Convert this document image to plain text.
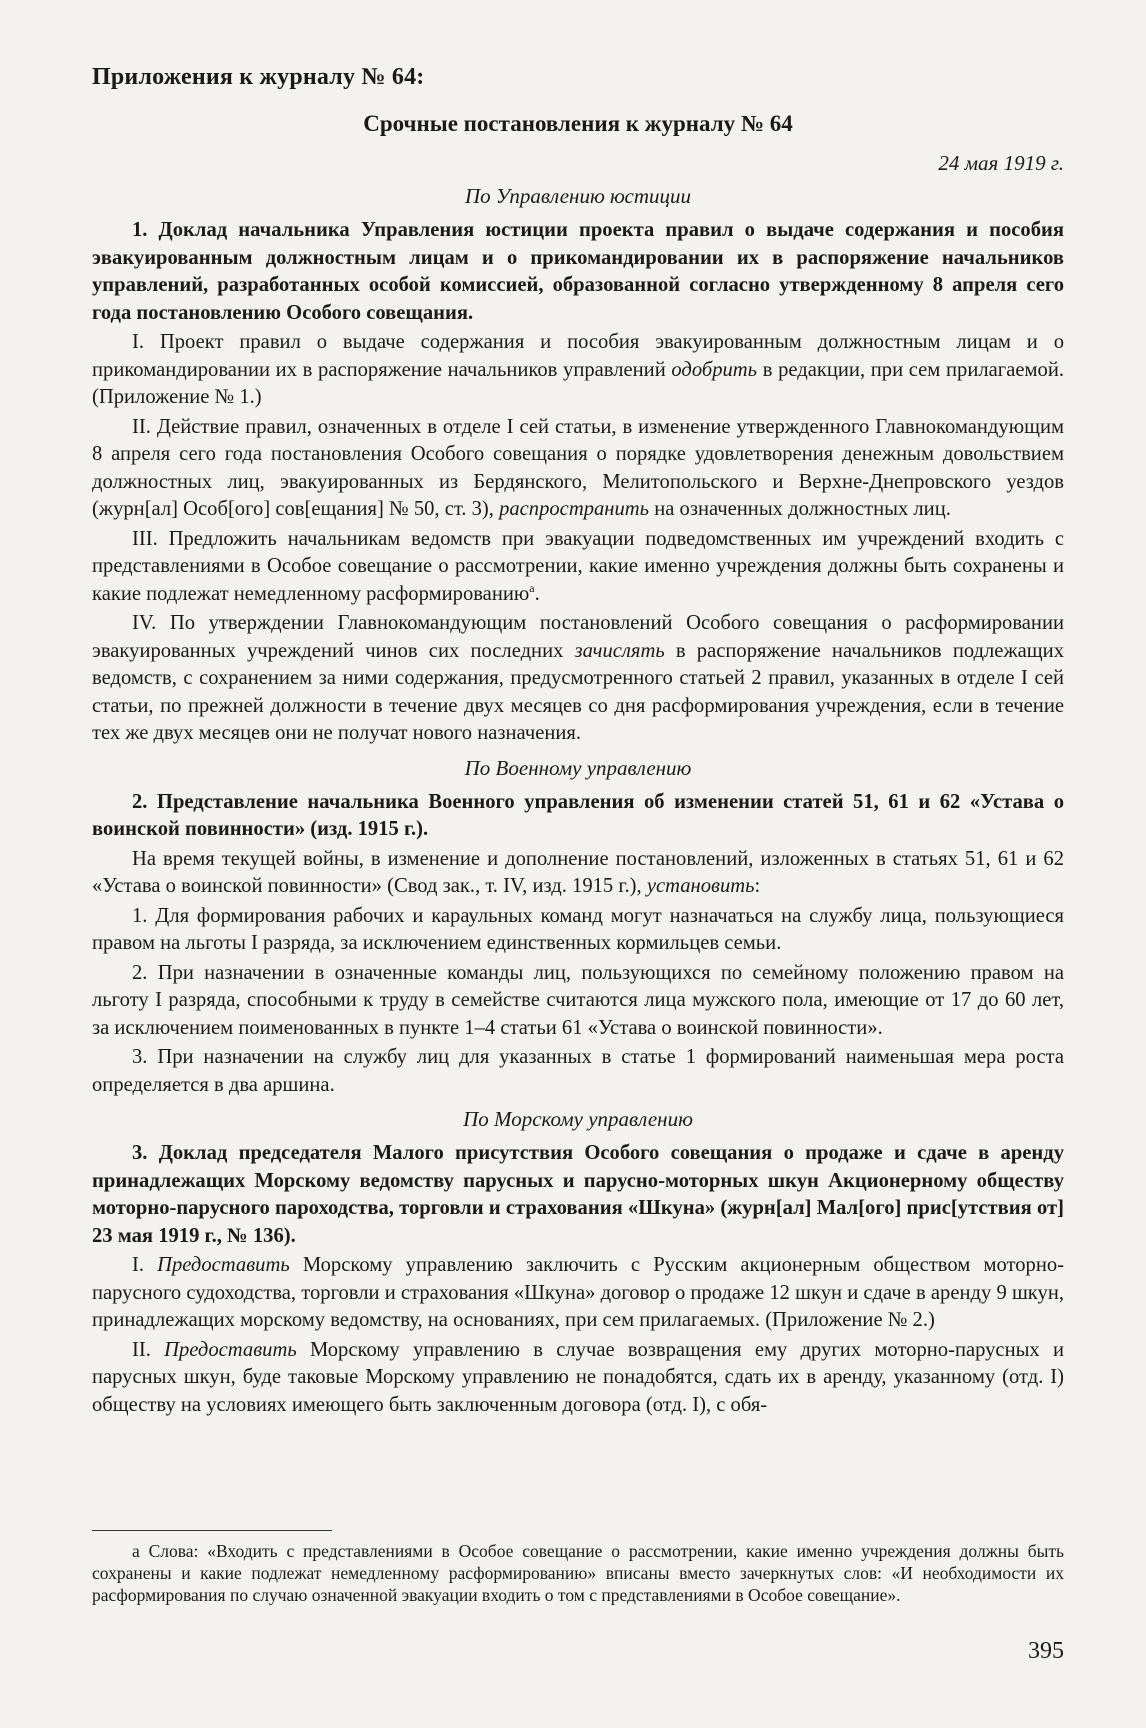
Приложения к журналу № 64:
Срочные постановления к журналу № 64
24 мая 1919 г.
По Управлению юстиции

1. Доклад начальника Управления юстиции проекта правил о выдаче содержания и пособия эвакуированным должностным лицам и о прикомандировании их в распоряжение начальников управлений, разработанных особой комиссией, образованной согласно утвержденному 8 апреля сего года постановлению Особого совещания.

I. Проект правил о выдаче содержания и пособия эвакуированным должностным лицам и о прикомандировании их в распоряжение начальников управлений одобрить в редакции, при сем прилагаемой. (Приложение № 1.)

II. Действие правил, означенных в отделе I сей статьи, в изменение утвержденного Главнокомандующим 8 апреля сего года постановления Особого совещания о порядке удовлетворения денежным довольствием должностных лиц, эвакуированных из Бердянского, Мелитопольского и Верхне-Днепровского уездов (журн[ал] Особ[ого] сов[ещания] № 50, ст. 3), распространить на означенных должностных лиц.

III. Предложить начальникам ведомств при эвакуации подведомственных им учреждений входить с представлениями в Особое совещание о рассмотрении, какие именно учреждения должны быть сохранены и какие подлежат немедленному расформированию$^а$.

IV. По утверждении Главнокомандующим постановлений Особого совещания о расформировании эвакуированных учреждений чинов сих последних зачислять в распоряжение начальников подлежащих ведомств, с сохранением за ними содержания, предусмотренного статьей 2 правил, указанных в отделе I сей статьи, по прежней должности в течение двух месяцев со дня расформирования учреждения, если в течение тех же двух месяцев они не получат нового назначения.

По Военному управлению

2. Представление начальника Военного управления об изменении статей 51, 61 и 62 «Устава о воинской повинности» (изд. 1915 г.).

На время текущей войны, в изменение и дополнение постановлений, изложенных в статьях 51, 61 и 62 «Устава о воинской повинности» (Свод зак., т. IV, изд. 1915 г.), установить:

1. Для формирования рабочих и караульных команд могут назначаться на службу лица, пользующиеся правом на льготы I разряда, за исключением единственных кормильцев семьи.

2. При назначении в означенные команды лиц, пользующихся по семейному положению правом на льготу I разряда, способными к труду в семействе считаются лица мужского пола, имеющие от 17 до 60 лет, за исключением поименованных в пункте 1–4 статьи 61 «Устава о воинской повинности».

3. При назначении на службу лиц для указанных в статье 1 формирований наименьшая мера роста определяется в два аршина.

По Морскому управлению

3. Доклад председателя Малого присутствия Особого совещания о продаже и сдаче в аренду принадлежащих Морскому ведомству парусных и парусно-моторных шкун Акционерному обществу моторно-парусного пароходства, торговли и страхования «Шкуна» (журн[ал] Мал[ого] прис[утствия от] 23 мая 1919 г., № 136).

I. Предоставить Морскому управлению заключить с Русским акционерным обществом моторно-парусного судоходства, торговли и страхования «Шкуна» договор о продаже 12 шкун и сдаче в аренду 9 шкун, принадлежащих морскому ведомству, на основаниях, при сем прилагаемых. (Приложение № 2.)

II. Предоставить Морскому управлению в случае возвращения ему других моторно-парусных и парусных шкун, буде таковые Морскому управлению не понадобятся, сдать их в аренду, указанному (отд. I) обществу на условиях имеющего быть заключенным договора (отд. I), с обя-

а Слова: «Входить с представлениями в Особое совещание о рассмотрении, какие именно учреждения должны быть сохранены и какие подлежат немедленному расформированию» вписаны вместо зачеркнутых слов: «И необходимости их расформирования по случаю означенной эвакуации входить о том с представлениями в Особое совещание».
395
